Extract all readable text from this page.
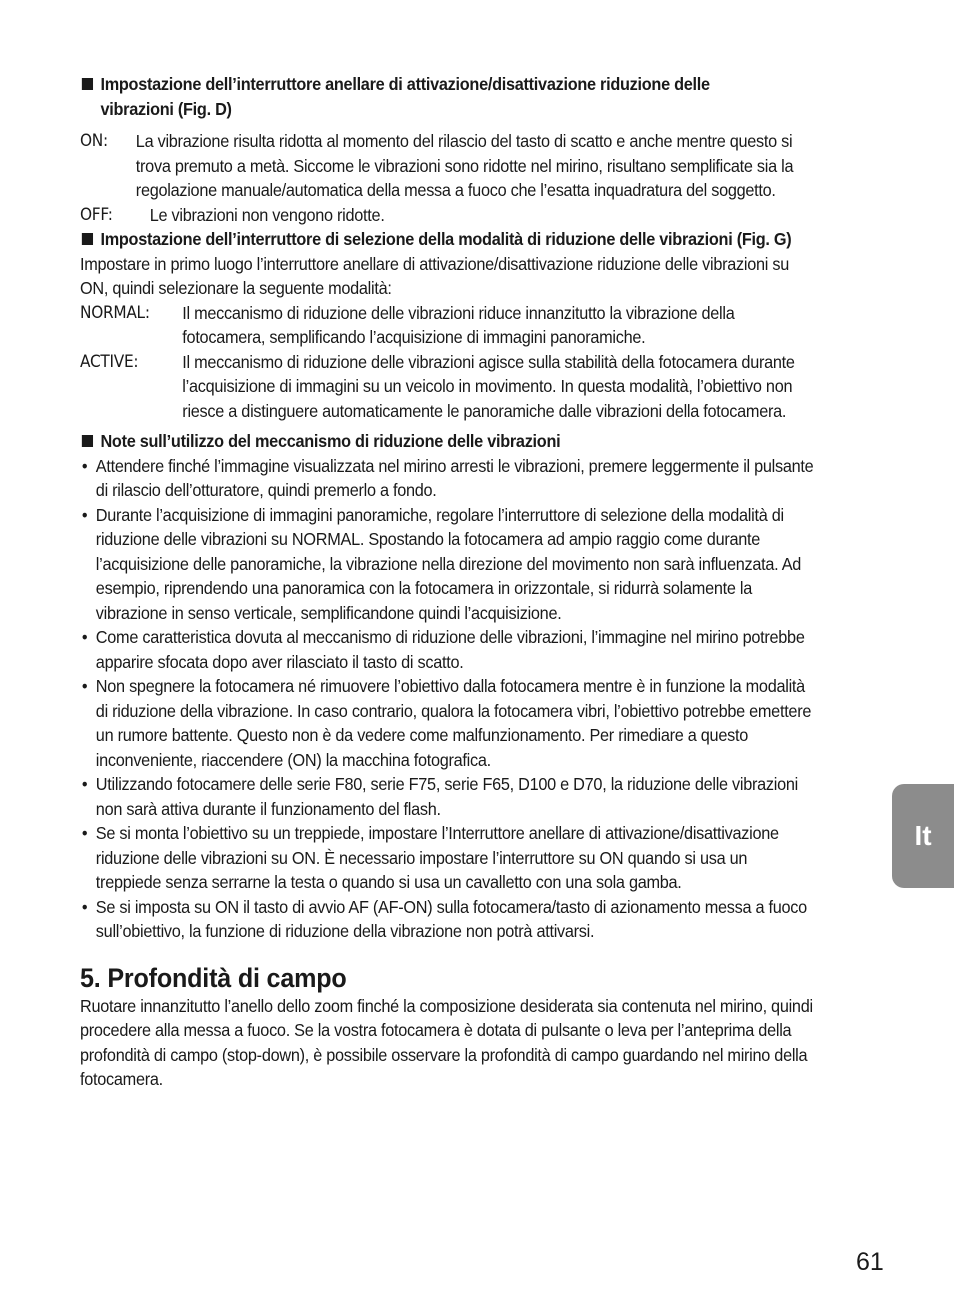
Impostazione dell’interruttore anellare di attivazione/disattivazione riduzione delle
vibrazioni (Fig. D)
ON:	La vibrazione risulta ridotta al momento del rilascio del tasto di scatto e anche mentre questo si trova premuto a metà. Siccome le vibrazioni sono ridotte nel mirino, risultano semplificate sia la regolazione manuale/automatica della messa a fuoco che l’esatta inquadratura del soggetto.
OFF:	Le vibrazioni non vengono ridotte.
Impostazione dell’interruttore di selezione della modalità di riduzione delle vibrazioni (Fig. G)
Impostare in primo luogo l’interruttore anellare di attivazione/disattivazione riduzione delle vibrazioni su ON, quindi selezionare la seguente modalità:
NORMAL:	Il meccanismo di riduzione delle vibrazioni riduce innanzitutto la vibrazione della fotocamera, semplificando l’acquisizione di immagini panoramiche.
ACTIVE:	Il meccanismo di riduzione delle vibrazioni agisce sulla stabilità della fotocamera durante l’acquisizione di immagini su un veicolo in movimento. In questa modalità, l’obiettivo non riesce a distinguere automaticamente le panoramiche dalle vibrazioni della fotocamera.
Note sull’utilizzo del meccanismo di riduzione delle vibrazioni
• Attendere finché l’immagine visualizzata nel mirino arresti le vibrazioni, premere leggermente il pulsante di rilascio dell’otturatore, quindi premerlo a fondo.
• Durante l’acquisizione di immagini panoramiche, regolare l’interruttore di selezione della modalità di riduzione delle vibrazioni su NORMAL. Spostando la fotocamera ad ampio raggio come durante l’acquisizione delle panoramiche, la vibrazione nella direzione del movimento non sarà influenzata. Ad esempio, riprendendo una panoramica con la fotocamera in orizzontale, si ridurrà solamente la vibrazione in senso verticale, semplificandone quindi l’acquisizione.
• Come caratteristica dovuta al meccanismo di riduzione delle vibrazioni, l’immagine nel mirino potrebbe apparire sfocata dopo aver rilasciato il tasto di scatto.
• Non spegnere la fotocamera né rimuovere l’obiettivo dalla fotocamera mentre è in funzione la modalità di riduzione della vibrazione. In caso contrario, qualora la fotocamera vibri, l’obiettivo potrebbe emettere un rumore battente. Questo non è da vedere come malfunzionamento. Per rimediare a questo inconveniente, riaccendere (ON) la macchina fotografica.
• Utilizzando fotocamere delle serie F80, serie F75, serie F65, D100 e D70, la riduzione delle vibrazioni non sarà attiva durante il funzionamento del flash.
• Se si monta l’obiettivo su un treppiede, impostare l’Interruttore anellare di attivazione/disattivazione riduzione delle vibrazioni su ON. È necessario impostare l’interruttore su ON quando si usa un treppiede senza serrarne la testa o quando si usa un cavalletto con una sola gamba.
• Se si imposta su ON il tasto di avvio AF (AF-ON) sulla fotocamera/tasto di azionamento messa a fuoco sull’obiettivo, la funzione di riduzione della vibrazione non potrà attivarsi.
5. Profondità di campo
Ruotare innanzitutto l’anello dello zoom finché la composizione desiderata sia contenuta nel mirino, quindi procedere alla messa a fuoco. Se la vostra fotocamera è dotata di pulsante o leva per l’anteprima della profondità di campo (stop-down), è possibile osservare la profondità di campo guardando nel mirino della fotocamera.
It
61
